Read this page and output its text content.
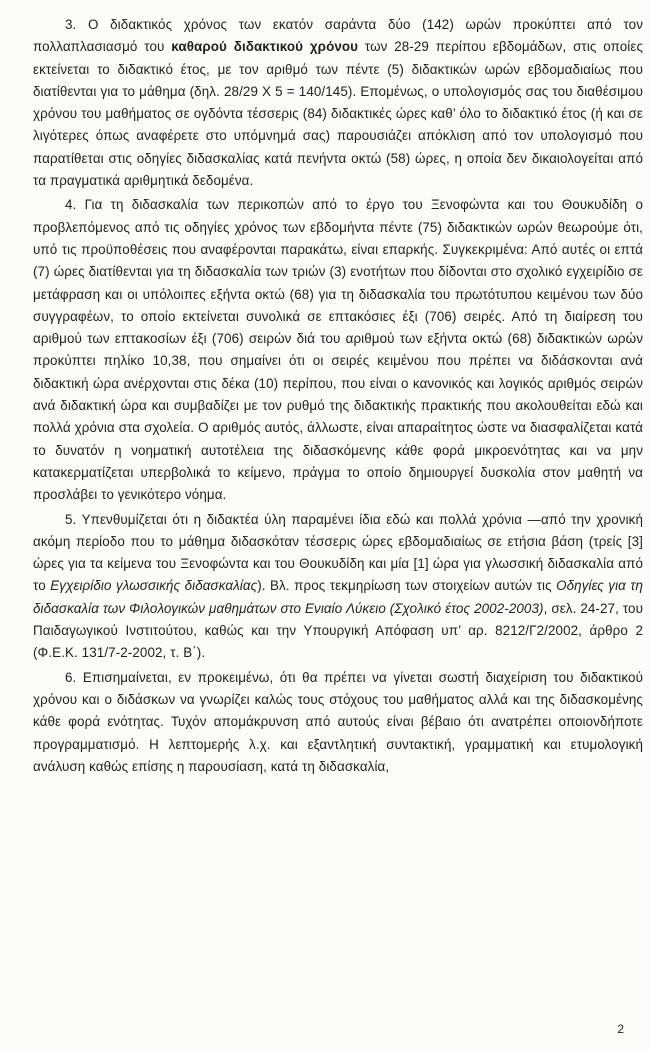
3. Ο διδακτικός χρόνος των εκατόν σαράντα δύο (142) ωρών προκύπτει από τον πολλαπλασιασμό του καθαρού διδακτικού χρόνου των 28-29 περίπου εβδομάδων, στις οποίες εκτείνεται το διδακτικό έτος, με τον αριθμό των πέντε (5) διδακτικών ωρών εβδομαδιαίως που διατίθενται για το μάθημα (δηλ. 28/29 Χ 5 = 140/145). Επομένως, ο υπολογισμός σας του διαθέσιμου χρόνου του μαθήματος σε ογδόντα τέσσερις (84) διδακτικές ώρες καθ’ όλο το διδακτικό έτος (ή και σε λιγότερες όπως αναφέρετε στο υπόμνημά σας) παρουσιάζει απόκλιση από τον υπολογισμό που παρατίθεται στις οδηγίες διδασκαλίας κατά πενήντα οκτώ (58) ώρες, η οποία δεν δικαιολογείται από τα πραγματικά αριθμητικά δεδομένα.

4. Για τη διδασκαλία των περικοπών από το έργο του Ξενοφώντα και του Θουκυδίδη ο προβλεπόμενος από τις οδηγίες χρόνος των εβδομήντα πέντε (75) διδακτικών ωρών θεωρούμε ότι, υπό τις προϋποθέσεις που αναφέρονται παρακάτω, είναι επαρκής. Συγκεκριμένα: Από αυτές οι επτά (7) ώρες διατίθενται για τη διδασκαλία των τριών (3) ενοτήτων που δίδονται στο σχολικό εγχειρίδιο σε μετάφραση και οι υπόλοιπες εξήντα οκτώ (68) για τη διδασκαλία του πρωτότυπου κειμένου των δύο συγγραφέων, το οποίο εκτείνεται συνολικά σε επτακόσιες έξι (706) σειρές. Από τη διαίρεση του αριθμού των επτακοσίων έξι (706) σειρών διά του αριθμού των εξήντα οκτώ (68) διδακτικών ωρών προκύπτει πηλίκο 10,38, που σημαίνει ότι οι σειρές κειμένου που πρέπει να διδάσκονται ανά διδακτική ώρα ανέρχονται στις δέκα (10) περίπου, που είναι ο κανονικός και λογικός αριθμός σειρών ανά διδακτική ώρα και συμβαδίζει με τον ρυθμό της διδακτικής πρακτικής που ακολουθείται εδώ και πολλά χρόνια στα σχολεία. Ο αριθμός αυτός, άλλωστε, είναι απαραίτητος ώστε να διασφαλίζεται κατά το δυνατόν η νοηματική αυτοτέλεια της διδασκόμενης κάθε φορά μικροενότητας και να μην κατακερματίζεται υπερβολικά το κείμενο, πράγμα το οποίο δημιουργεί δυσκολία στον μαθητή να προσλάβει το γενικότερο νόημα.

5. Υπενθυμίζεται ότι η διδακτέα ύλη παραμένει ίδια εδώ και πολλά χρόνια —από την χρονική ακόμη περίοδο που το μάθημα διδασκόταν τέσσερις ώρες εβδομαδιαίως σε ετήσια βάση (τρείς [3] ώρες για τα κείμενα του Ξενοφώντα και του Θουκυδίδη και μία [1] ώρα για γλωσσική διδασκαλία από το Εγχειρίδιο γλωσσικής διδασκαλίας). Βλ. προς τεκμηρίωση των στοιχείων αυτών τις Οδηγίες για τη διδασκαλία των Φιλολογικών μαθημάτων στο Ενιαίο Λύκειο (Σχολικό έτος 2002-2003), σελ. 24-27, του Παιδαγωγικού Ινστιτούτου, καθώς και την Υπουργική Απόφαση υπ’ αρ. 8212/Γ2/2002, άρθρο 2 (Φ.Ε.Κ. 131/7-2-2002, τ. Β΄).

6. Επισημαίνεται, εν προκειμένω, ότι θα πρέπει να γίνεται σωστή διαχείριση του διδακτικού χρόνου και ο διδάσκων να γνωρίζει καλώς τους στόχους του μαθήματος αλλά και της διδασκομένης κάθε φορά ενότητας. Τυχόν απομάκρυνση από αυτούς είναι βέβαιο ότι ανατρέπει οποιονδήποτε προγραμματισμό. Η λεπτομερής λ.χ. και εξαντλητική συντακτική, γραμματική και ετυμολογική ανάλυση καθώς επίσης η παρουσίαση, κατά τη διδασκαλία,

2
